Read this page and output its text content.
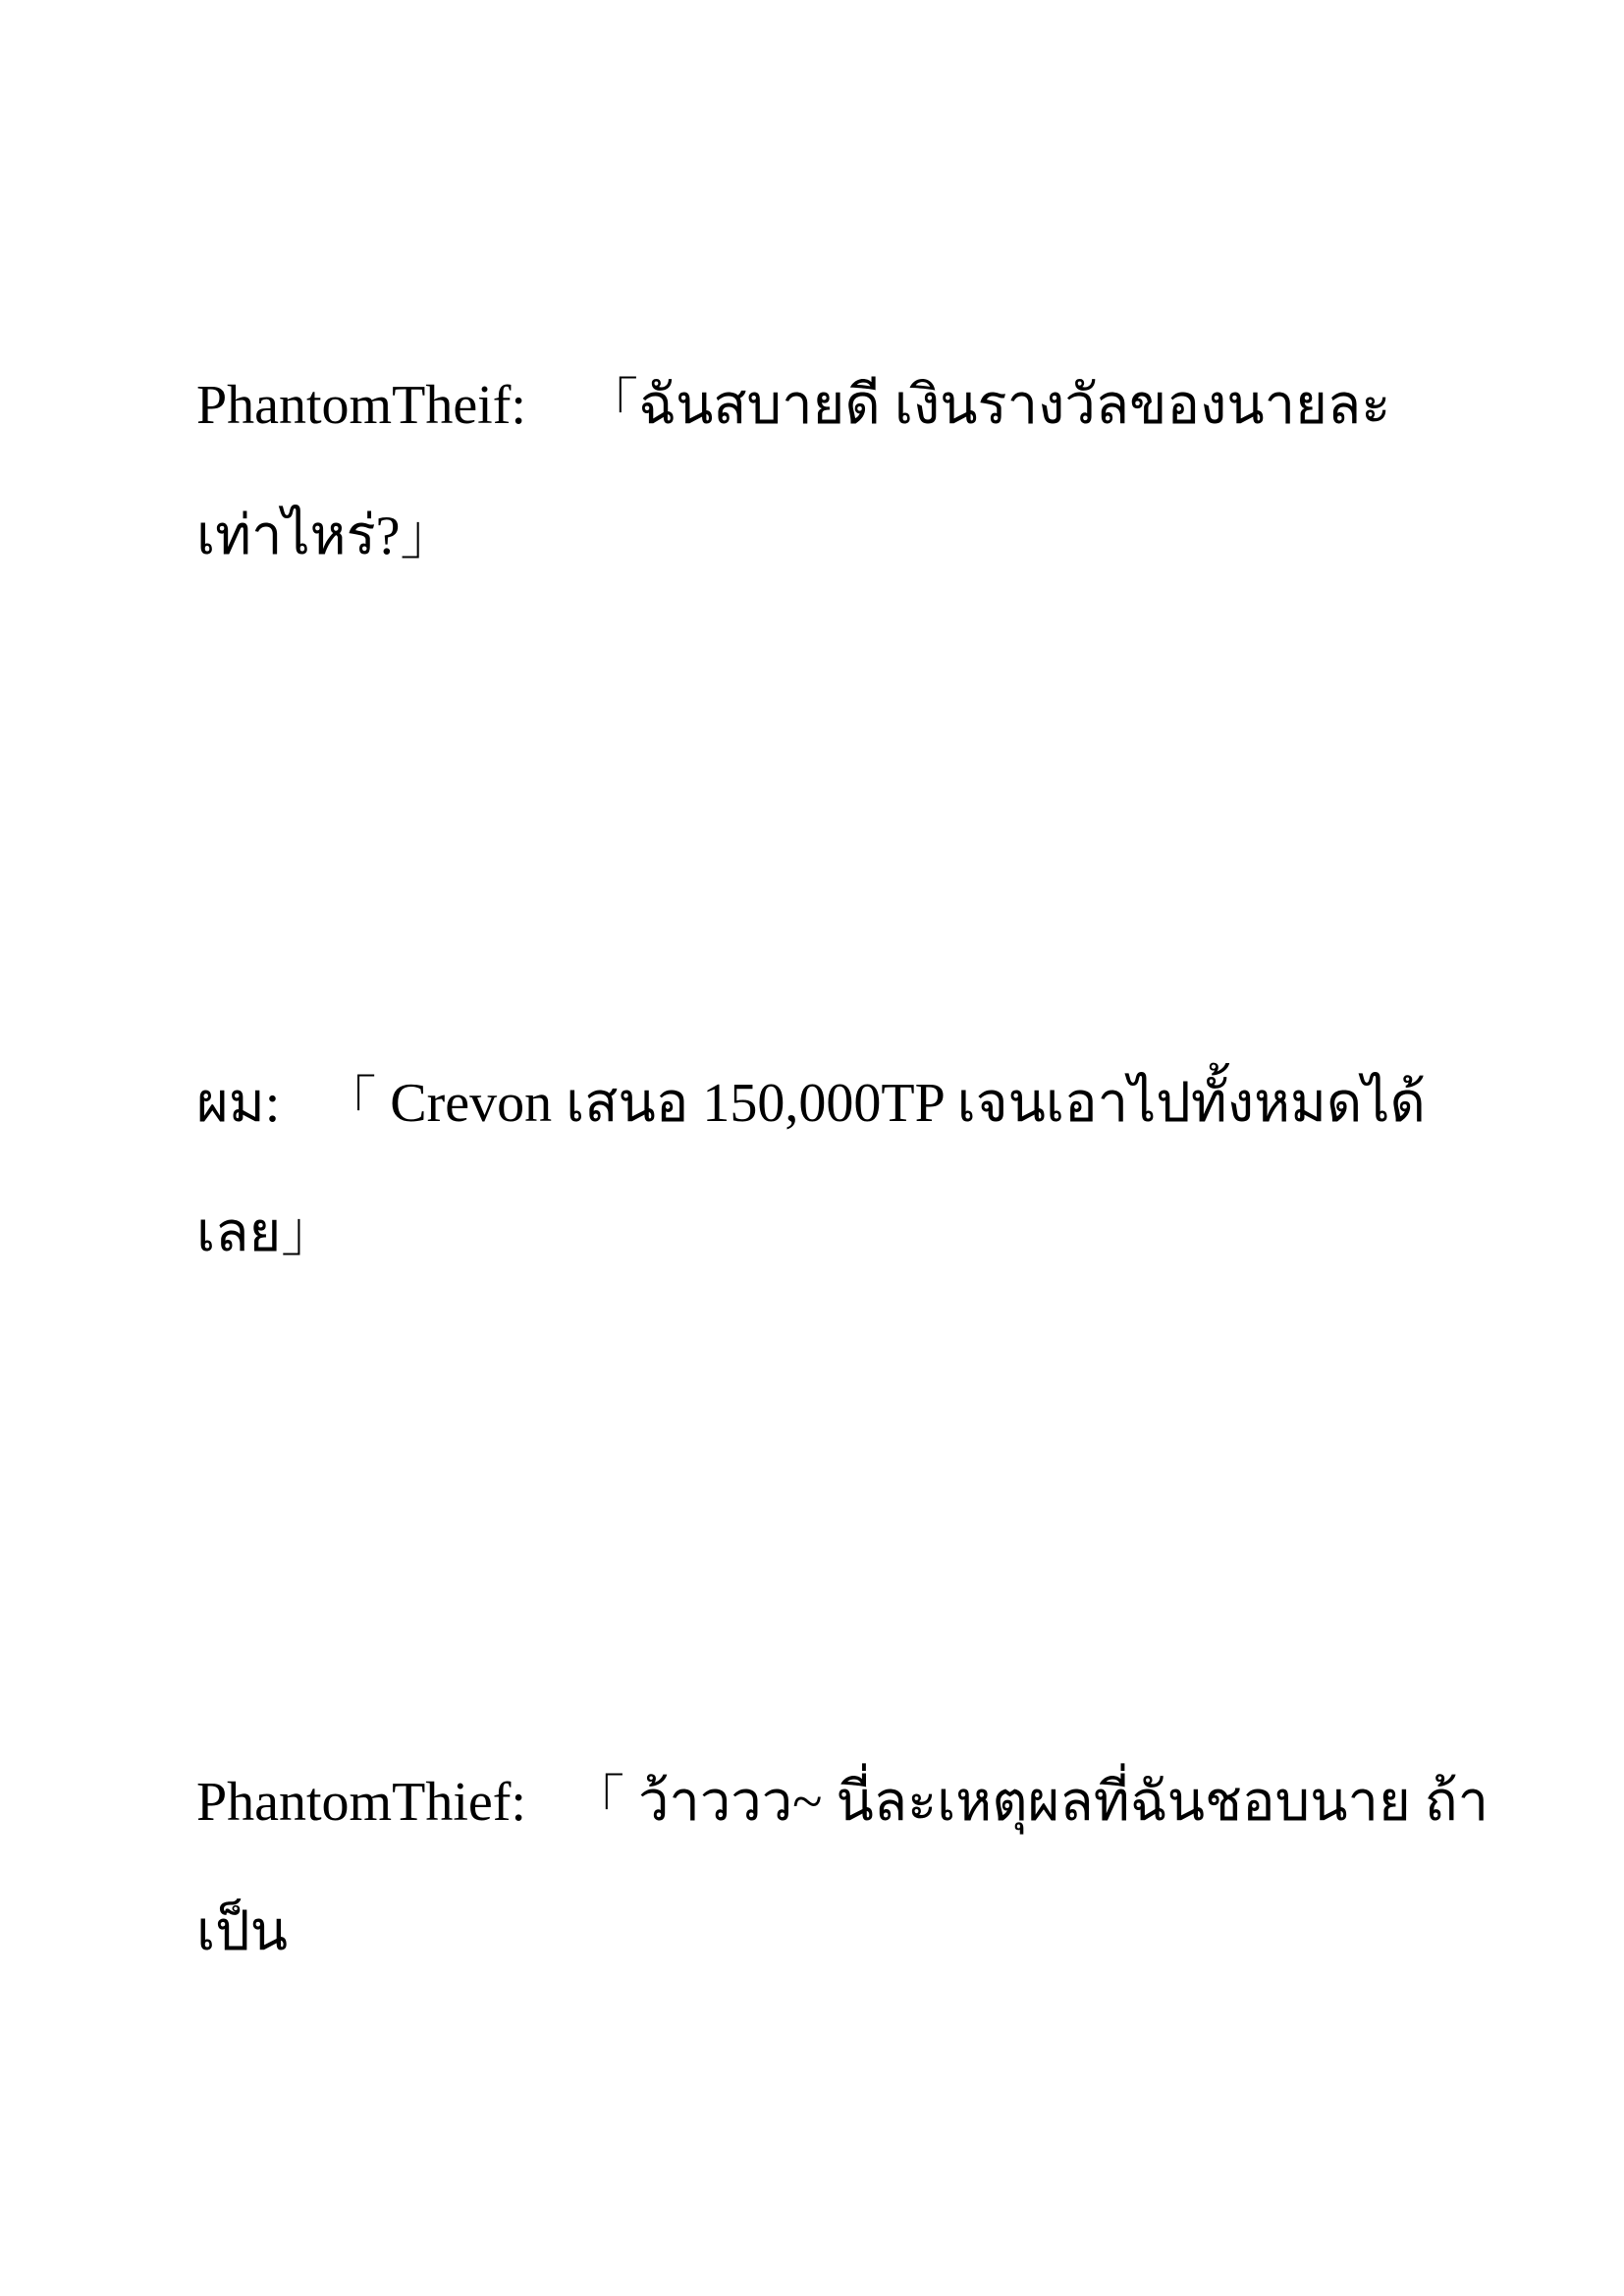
PhantomTheif: 「ฉันสบายดี เงินรางวัลของนายละ
เท่าไหร่?」
ผม: 「 Crevon เสนอ 150,000TP เจนเอาไปทั้งหมดได้
เลย」
PhantomThief: 「 ว้าววว~ นี่ละเหตุผลที่ฉันชอบนาย ถ้า
เป็น
